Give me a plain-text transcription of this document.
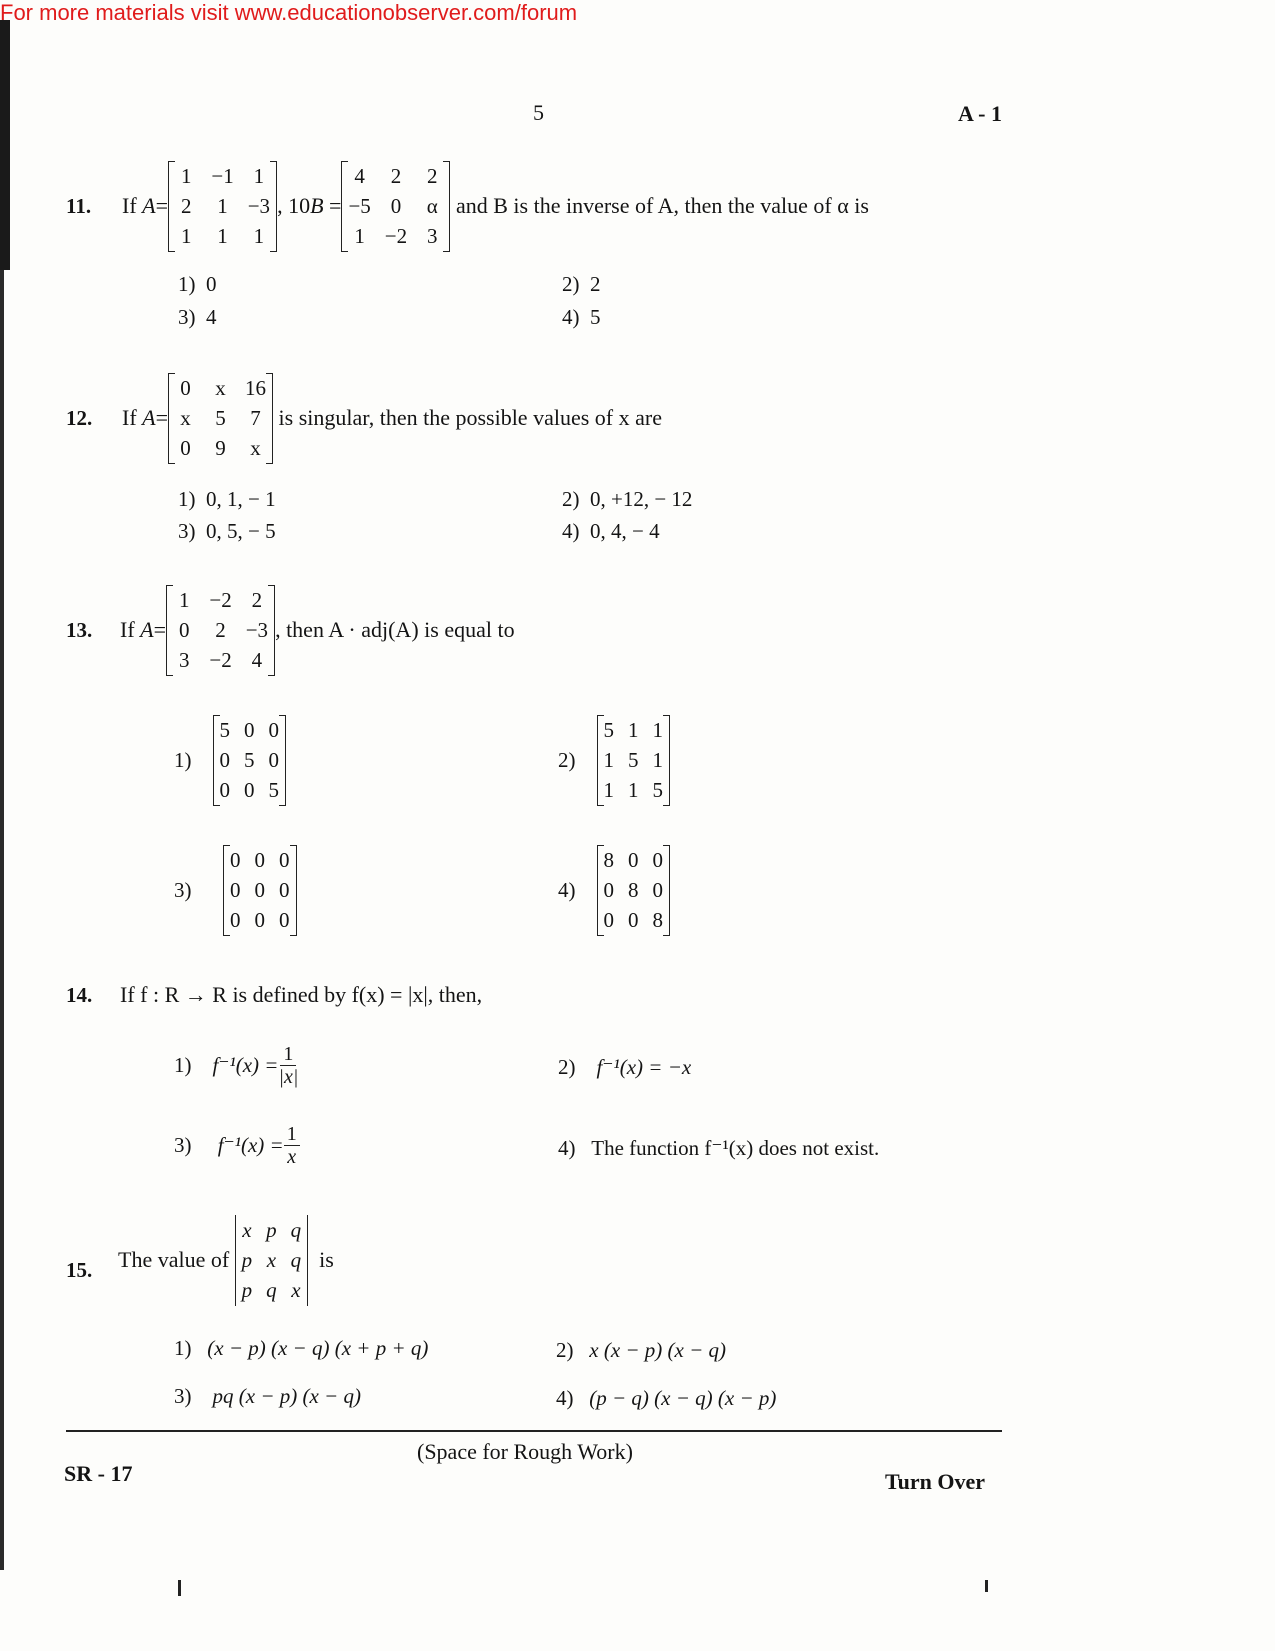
For more materials visit www.educationobserver.com/forum
5	A - 1
11. If
A =
1 −1 1
2 1 −3
1 1 1
, 10 B
=
4 2 2
−5 0 α
1 −2 3

and B is the inverse of A, then the value of α is
1) 0	2) 2
3) 4	4) 5
12. If
A =
0 x 16
x 5 7
0 9 x

is singular, then the possible values of x are
1) 0, 1, − 1	2) 0, +12, − 12
3) 0, 5, − 5	4) 0, 4, − 4
13. If
A =
1 −2 2
0 2 −3
3 −2 4
, then A · adj(A) is equal to
1)

5 0 0
0 5 0
0 0 5
2)

5 1 1
1 5 1
1 1 5
3)

0 0 0
0 0 0
0 0 0
4)

8 0 0
0 8 0
0 0 8
14. If f : R → R is defined by f(x) = |x|, then,
1)
$f^{-1}(x) = \frac{1}{|x|}$	2) f⁻¹(x) = −x
3)
$f^{-1}(x) = \frac{1}{x}$	4) The function f⁻¹(x) does not exist.
15. The value of

x p q
p x q
p q x

is
1) (x − p) (x − q) (x + p + q)	2) x (x − p) (x − q)
3) pq (x − p) (x − q)	4) (p − q) (x − q) (x − p)
(Space for Rough Work)
SR - 17	Turn Over
